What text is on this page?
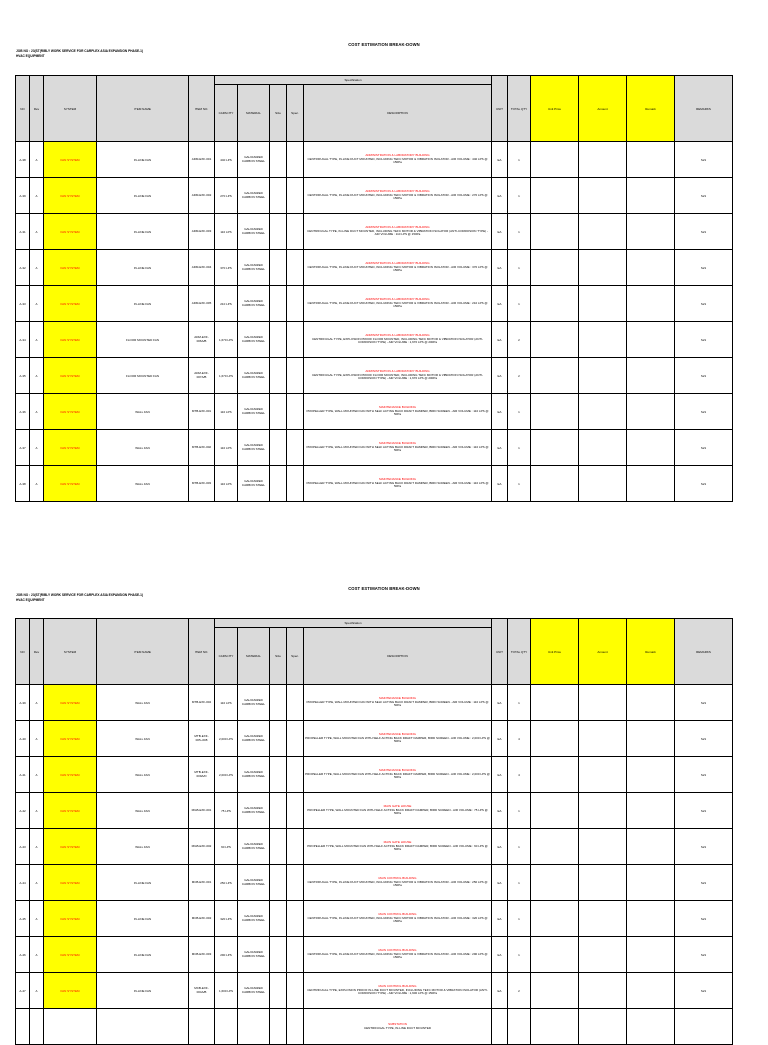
COST ESTIMATION BREAK-DOWN
JOB NO : 23(ST(RIBLY WORK SERVICE FOR CARPLEX ASIA EXPANSION PHASE-1)
HVAC EQUIPMENT
NO	Rev	SYSTEM	ITEM NAME	ITEM NO.	Specification					UNIT	TOTAL QTY	Unit Price	Amount	Remark	REMARKS
					CAPACITY	MATERIAL	Size	Spec.	DESCRIPTION						
A-38	A	FAN SYSTEM	IN-LINE FAN	ADM-EXF-001	440 LPS	GALVANIZED CARBON STEEL			ADMINISTRATION & LABORATORY BUILDING
CENTRIFUGAL TYPE, IN-LINE DUCT MOUNTED, INCLUDING TEFC MOTOR & VIBRATION ISOLATOR - AIR VOLUME : 440 LPS @ 150Pa	EA	1				S21
A-39	A	FAN SYSTEM	IN-LINE FAN	ADM-EXF-002	270 LPS	GALVANIZED CARBON STEEL			ADMINISTRATION & LABORATORY BUILDING
CENTRIFUGAL TYPE, IN-LINE DUCT MOUNTED, INCLUDING TEFC MOTOR & VIBRATION ISOLATOR - AIR VOLUME : 270 LPS @ 150Pa	EA	1				S21
A-31	A	FAN SYSTEM	IN-LINE FAN	ADM-EXF-003	110 LPS	GALVANIZED CARBON STEEL			ADMINISTRATION & LABORATORY BUILDING
CENTRIFUGAL TYPE, IN-LINE DUCT MOUNTED, INCLUDING TEFC MOTOR & VIBRATION ISOLATOR (ANTI-CORROSION TYPE) - AIR VOLUME : 110 LPS @ 150Pa	EA	1				S21
A-32	A	FAN SYSTEM	IN-LINE FAN	ADM-EXF-004	370 LPS	GALVANIZED CARBON STEEL			ADMINISTRATION & LABORATORY BUILDING
CENTRIFUGAL TYPE, IN-LINE DUCT MOUNTED, INCLUDING TEFC MOTOR & VIBRATION ISOLATOR - AIR VOLUME : 370 LPS @ 150Pa	EA	1				S21
A-33	A	FAN SYSTEM	IN-LINE FAN	ADM-EXF-005	210 LPS	GALVANIZED CARBON STEEL			ADMINISTRATION & LABORATORY BUILDING
CENTRIFUGAL TYPE, IN-LINE DUCT MOUNTED, INCLUDING TEFC MOTOR & VIBRATION ISOLATOR - AIR VOLUME : 210 LPS @ 150Pa	EA	1				S21
A-34	A	FAN SYSTEM	FLOOR MOUNTED FAN	ADM-EXF-006A/B	1,670 LPS	GALVANIZED CARBON STEEL			ADMINISTRATION & LABORATORY BUILDING
CENTRIFUGAL TYPE, EXPLOSION PROOF FLOOR MOUNTED, INCLUDING TEFC MOTOR & VIBRATION ISOLATOR (ANTI-CORROSION TYPE) - AIR VOLUME : 1,670 LPS @ 200Pa	EA	2				S21
A-35	A	FAN SYSTEM	FLOOR MOUNTED FAN	ADM-EXF-007A/B	1,670 LPS	GALVANIZED CARBON STEEL			ADMINISTRATION & LABORATORY BUILDING
CENTRIFUGAL TYPE, EXPLOSION PROOF FLOOR MOUNTED, INCLUDING TEFC MOTOR & VIBRATION ISOLATOR (ANTI-CORROSION TYPE) - AIR VOLUME : 1,670 LPS @ 200Pa	EA	2				S21
A-36	A	FAN SYSTEM	WALL FAN	MTB-EXF-001	110 LPS	GALVANIZED CARBON STEEL			MAINTENANCE BUILDING
PROPELLER TYPE, WALL MOUNTED FAN WITH SELF ACTING BACK DRAFT DAMPER, BIRD SCREEN - AIR VOLUME : 110 LPS @ 50Pa	EA	1				S21
A-37	A	FAN SYSTEM	WALL FAN	MTB-EXF-002	110 LPS	GALVANIZED CARBON STEEL			MAINTENANCE BUILDING
PROPELLER TYPE, WALL MOUNTED FAN WITH SELF ACTING BACK DRAFT DAMPER, BIRD SCREEN - AIR VOLUME : 110 LPS @ 50Pa	EA	1				S21
A-38	A	FAN SYSTEM	WALL FAN	MTB-EXF-003	110 LPS	GALVANIZED CARBON STEEL			MAINTENANCE BUILDING
PROPELLER TYPE, WALL MOUNTED FAN WITH SELF ACTING BACK DRAFT DAMPER, BIRD SCREEN - AIR VOLUME : 110 LPS @ 50Pa	EA	1				S21
COST ESTIMATION BREAK-DOWN
JOB NO : 23(ST(RIBLY WORK SERVICE FOR CARPLEX ASIA EXPANSION PHASE-1)
HVAC EQUIPMENT
NO	Rev	SYSTEM	ITEM NAME	ITEM NO.	Specification					UNIT	TOTAL QTY	Unit Price	Amount	Remark	REMARKS
					CAPACITY	MATERIAL	Size	Spec.	DESCRIPTION						
A-39	A	FAN SYSTEM	WALL FAN	MTB-EXF-004	110 LPS	GALVANIZED CARBON STEEL			MAINTENANCE BUILDING
PROPELLER TYPE, WALL MOUNTED FAN WITH SELF ACTING BACK DRAFT DAMPER, BIRD SCREEN - AIR VOLUME : 110 LPS @ 50Pa	EA	1				S21
A-40	A	FAN SYSTEM	WALL FAN	MTB-EXF-005~008	2,000 LPS	GALVANIZED CARBON STEEL			MAINTENANCE BUILDING
PROPELLER TYPE, WALL MOUNTED FAN WITH SELF ACTING BACK DRAFT DAMPER, BIRD SCREEN - AIR VOLUME : 2,000 LPS @ 50Pa	EA	4				S21
A-41	A	FAN SYSTEM	WALL FAN	MTB-EXF-009A/D	2,000 LPS	GALVANIZED CARBON STEEL			MAINTENANCE BUILDING
PROPELLER TYPE, WALL MOUNTED FAN WITH SELF ACTING BACK DRAFT DAMPER, BIRD SCREEN - AIR VOLUME : 2,000 LPS @ 50Pa	EA	4				S21
A-42	A	FAN SYSTEM	WALL FAN	MGB-EXF-001	75 LPS	GALVANIZED CARBON STEEL			MAIN GATE HOUSE
PROPELLER TYPE, WALL MOUNTED FAN WITH SELF ACTING BACK DRAFT DAMPER, BIRD SCREEN - AIR VOLUME : 75 LPS @ 50Pa	EA	1				S21
A-43	A	FAN SYSTEM	WALL FAN	MGB-EXF-002	60 LPS	GALVANIZED CARBON STEEL			MAIN GATE HOUSE
PROPELLER TYPE, WALL MOUNTED FAN WITH SELF ACTING BACK DRAFT DAMPER, BIRD SCREEN - AIR VOLUME : 60 LPS @ 50Pa	EA	1				S21
A-44	A	FAN SYSTEM	IN-LINE FAN	MCB-EXF-001	250 LPS	GALVANIZED CARBON STEEL			MAIN CONTROL BUILDING
CENTRIFUGAL TYPE, IN-LINE DUCT MOUNTED, INCLUDING TEFC MOTOR & VIBRATION ISOLATOR - AIR VOLUME : 250 LPS @ 150Pa	EA	1				S21
A-45	A	FAN SYSTEM	IN-LINE FAN	MCB-EXF-002	320 LPS	GALVANIZED CARBON STEEL			MAIN CONTROL BUILDING
CENTRIFUGAL TYPE, IN-LINE DUCT MOUNTED, INCLUDING TEFC MOTOR & VIBRATION ISOLATOR - AIR VOLUME : 320 LPS @ 150Pa	EA	1				S21
A-46	A	FAN SYSTEM	IN-LINE FAN	MCB-EXF-003	290 LPS	GALVANIZED CARBON STEEL			MAIN CONTROL BUILDING
CENTRIFUGAL TYPE, IN-LINE DUCT MOUNTED, INCLUDING TEFC MOTOR & VIBRATION ISOLATOR - AIR VOLUME : 290 LPS @ 150Pa	EA	1				S21
A-47	A	FAN SYSTEM	IN-LINE FAN	MCB-EXF-004A/B	1,600 LPS	GALVANIZED CARBON STEEL			MAIN CONTROL BUILDING
CENTRIFUGAL TYPE, EXPLOSION PROOF IN-LINE DUCT MOUNTED, INCLUDING TEFC MOTOR & VIBRATION ISOLATOR (ANTI-CORROSION TYPE) - AIR VOLUME : 1,600 LPS @ 150Pa	EA	2				S21

									SUBSTATION
CENTRIFUGAL TYPE, IN-LINE DUCT MOUNTED						
